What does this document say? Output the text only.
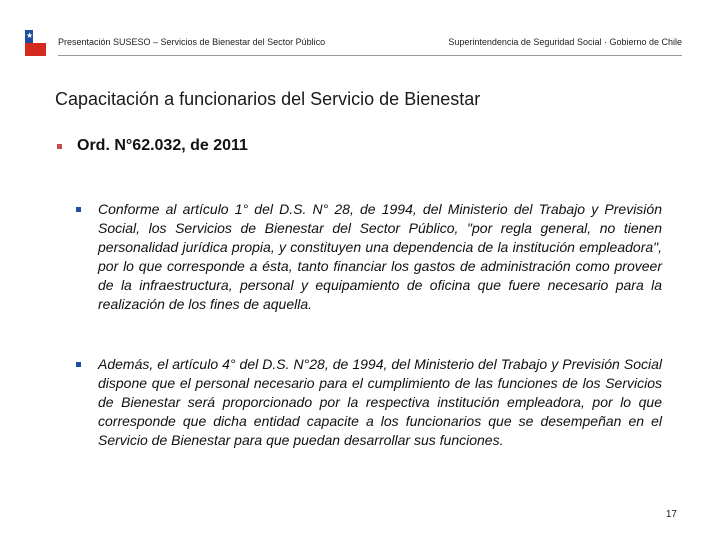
★
Presentación SUSESO – Servicios de Bienestar del Sector Público	Superintendencia de Seguridad Social · Gobierno de Chile
Capacitación a funcionarios del Servicio de Bienestar
Ord. N°62.032, de 2011
Conforme al artículo 1° del D.S. N° 28, de 1994, del Ministerio del Trabajo y Previsión Social, los Servicios de Bienestar del Sector Público, "por regla general, no tienen personalidad jurídica propia, y constituyen una dependencia de la institución empleadora", por lo que corresponde a ésta, tanto financiar los gastos de administración como proveer de la infraestructura, personal y equipamiento de oficina que fuere necesario para la realización de los fines de aquella.
Además, el artículo 4° del D.S. N°28, de 1994, del Ministerio del Trabajo y Previsión Social dispone que el personal necesario para el cumplimiento de las funciones de los Servicios de Bienestar será proporcionado por la respectiva institución empleadora, por lo que corresponde que dicha entidad capacite a los funcionarios que se desempeñan en el Servicio de Bienestar para que puedan desarrollar sus funciones.
17
